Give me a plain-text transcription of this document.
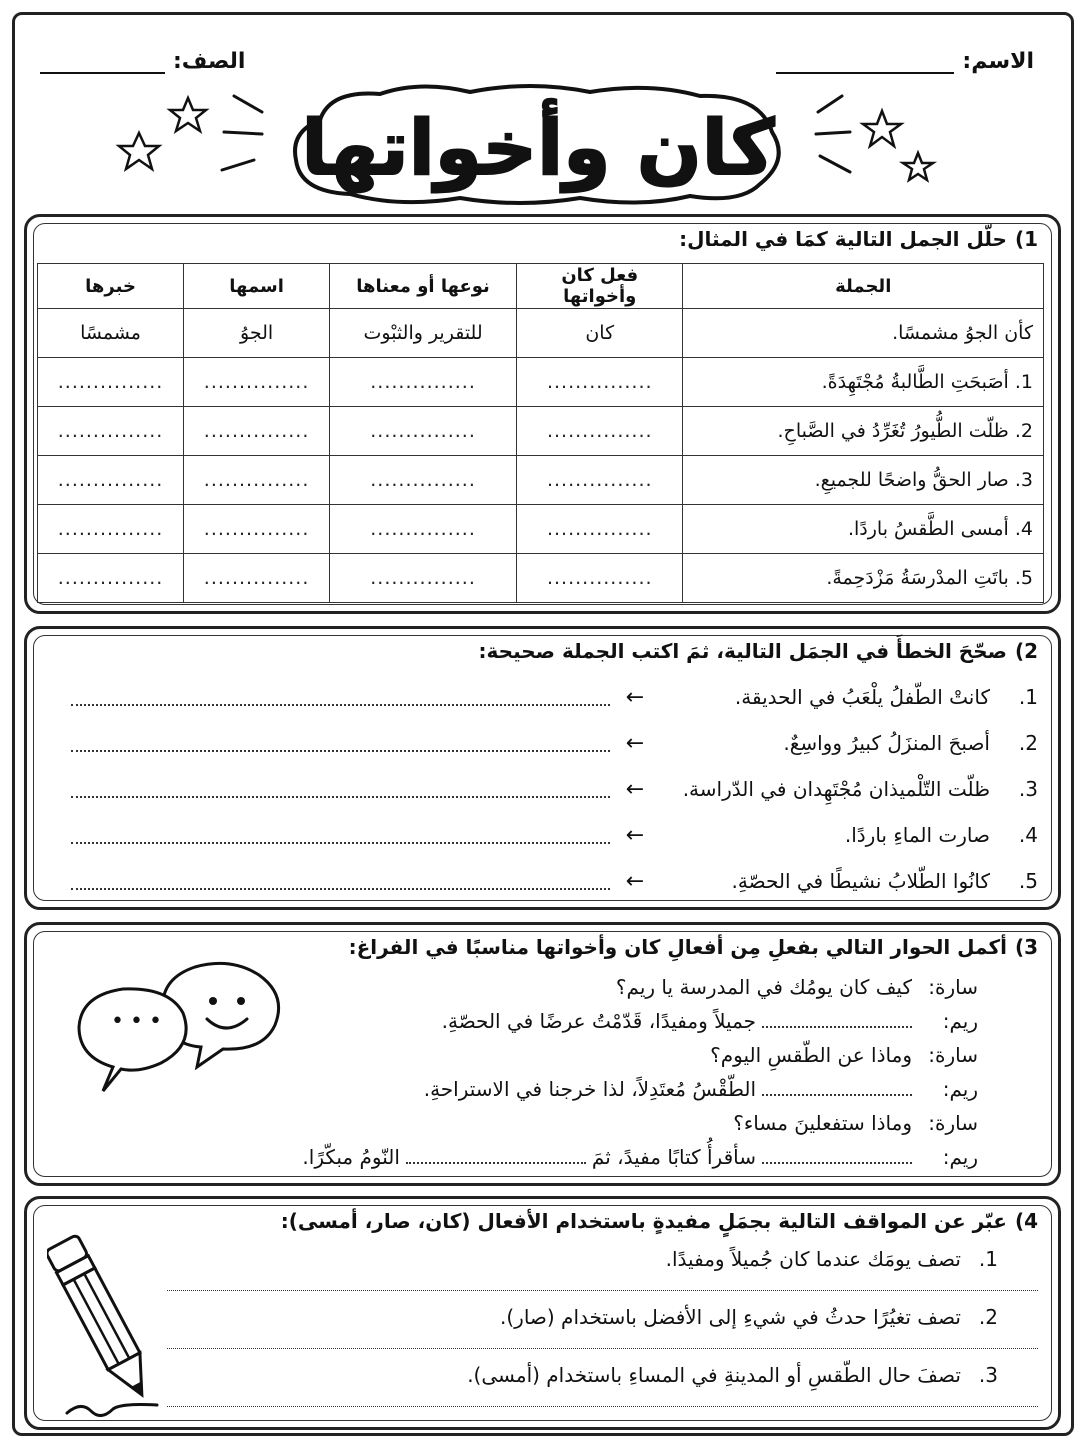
الاسم:
الصف:
كان وأخواتها
1)
حلّل الجمل التالية كمَا في المثال:
الجملة	فعل كان وأخواتها	نوعها أو معناها	اسمها	خبرها
كأن الجوُ مشمسًا.	كان	للتقرير والثبْوت	الجوُ	مشمسًا
1. أصَبحَتِ الطَّالبةُ مُجْتَهِدَةً.	...............	...............	...............	...............
2. ظلّت الطُّيورُ تُغَرِّدُ في الصَّباحِ.	...............	...............	...............	...............
3. صار الحقُّ واضحًا للجميعِ.	...............	...............	...............	...............
4. أمسى الطَّقسُ باردًا.	...............	...............	...............	...............
5. باتَتِ المدْرسَةُ مَزْدَحِمةً.	...............	...............	...............	...............
2)
صحّحَ الخطأَ في الجمَل التالية، ثمَ اكتب الجملة صحيحة:
1.
كانتْ الطّفلُ يلْعَبُ في الحديقة.
←
2.
أصبحَ المنزَلُ كبيرُ وواسِعٌ.
←
3.
ظلّت التّلْميذان مُجْتَهِدان في الدّراسة.
←
4.
صارت الماءِ باردًا.
←
5.
كانُوا الطّلابُ نشيطًا في الحصّةِ.
←
3)
أكمل الحوار التالي بفعلِ مِن أفعالِ كان وأخواتها مناسبًا في الفراغ:
•••
سارة:
كيف كان يومُك في المدرسة يا ريم؟
ريم:
جميلاً ومفيدًا، قَدّمْتُ عرضًا في الحصّةِ.
سارة:
وماذا عن الطّقسِ اليوم؟
ريم:
الطّقْسُ مُعتَدِلاً، لذا خرجنا في الاستراحةِ.
سارة:
وماذا ستفعلينَ مساء؟
ريم:
سأقرأُ كتابًا مفيدً، ثمَ
النّومُ مبكّرًا.
4)
عبّر عن المواقف التالية بجمَلٍ مفيدةٍ باستخدام الأفعال (كان، صار، أمسى):
1.
تصف يومَك عندما كان جُميلاً ومفيدًا.
2.
تصف تغيُرًا حدثُ في شيءِ إلى الأفضل باستخدام (صار).
3.
تصفَ حال الطّقسِ أو المدينةِ في المساءِ باستخدام (أمسى).
